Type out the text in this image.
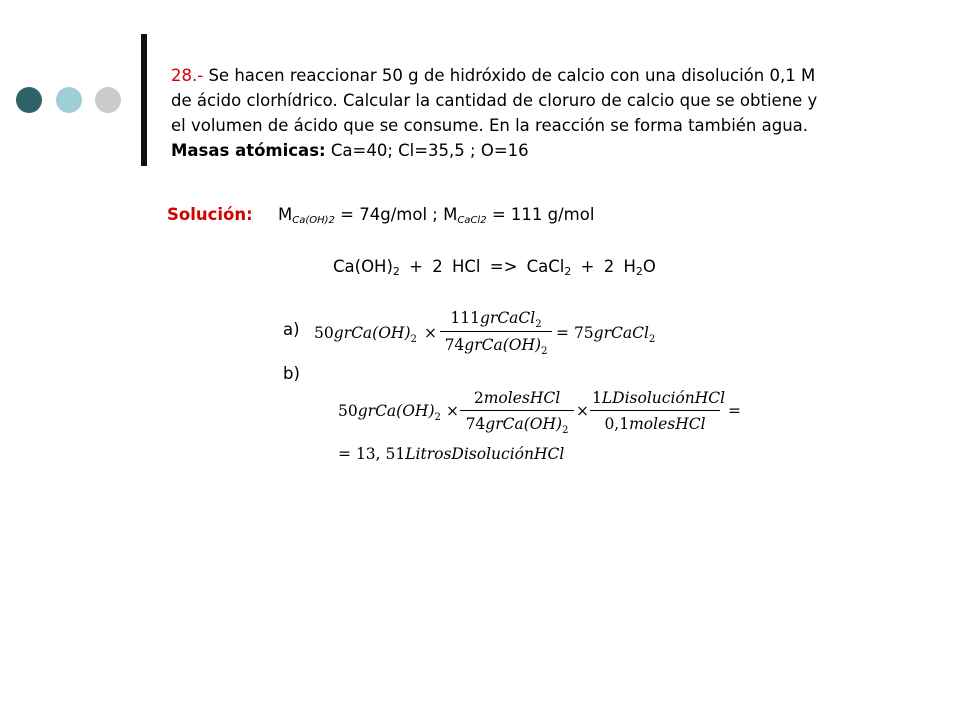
28.- Se hacen reaccionar 50 g de hidróxido de calcio con una disolución 0,1 M
de ácido clorhídrico. Calcular la cantidad de cloruro de calcio que se obtiene y
el volumen de ácido que se consume. En la reacción se forma también agua.
Masas atómicas: Ca=40; Cl=35,5 ; O=16
Solución: $M_{Ca(OH)2} = 74g/mol$ ; $M_{CaCl2} = 111$ g/mol
Ca(OH)2 + 2 HCl => CaCl2 + 2 H2O
a) $50grCa(OH)_2$ ×
111grCaCl$_2$
$74grCa(OH)_2$
= 75grCaCl$_2$
b)
$50grCa(OH)_2$ ×
2molesHCl
$74grCa(OH)_2$
×
1LDisoluciónHCl
0,1molesHCl
=
= 13, 51LitrosDisoluciónHCl
